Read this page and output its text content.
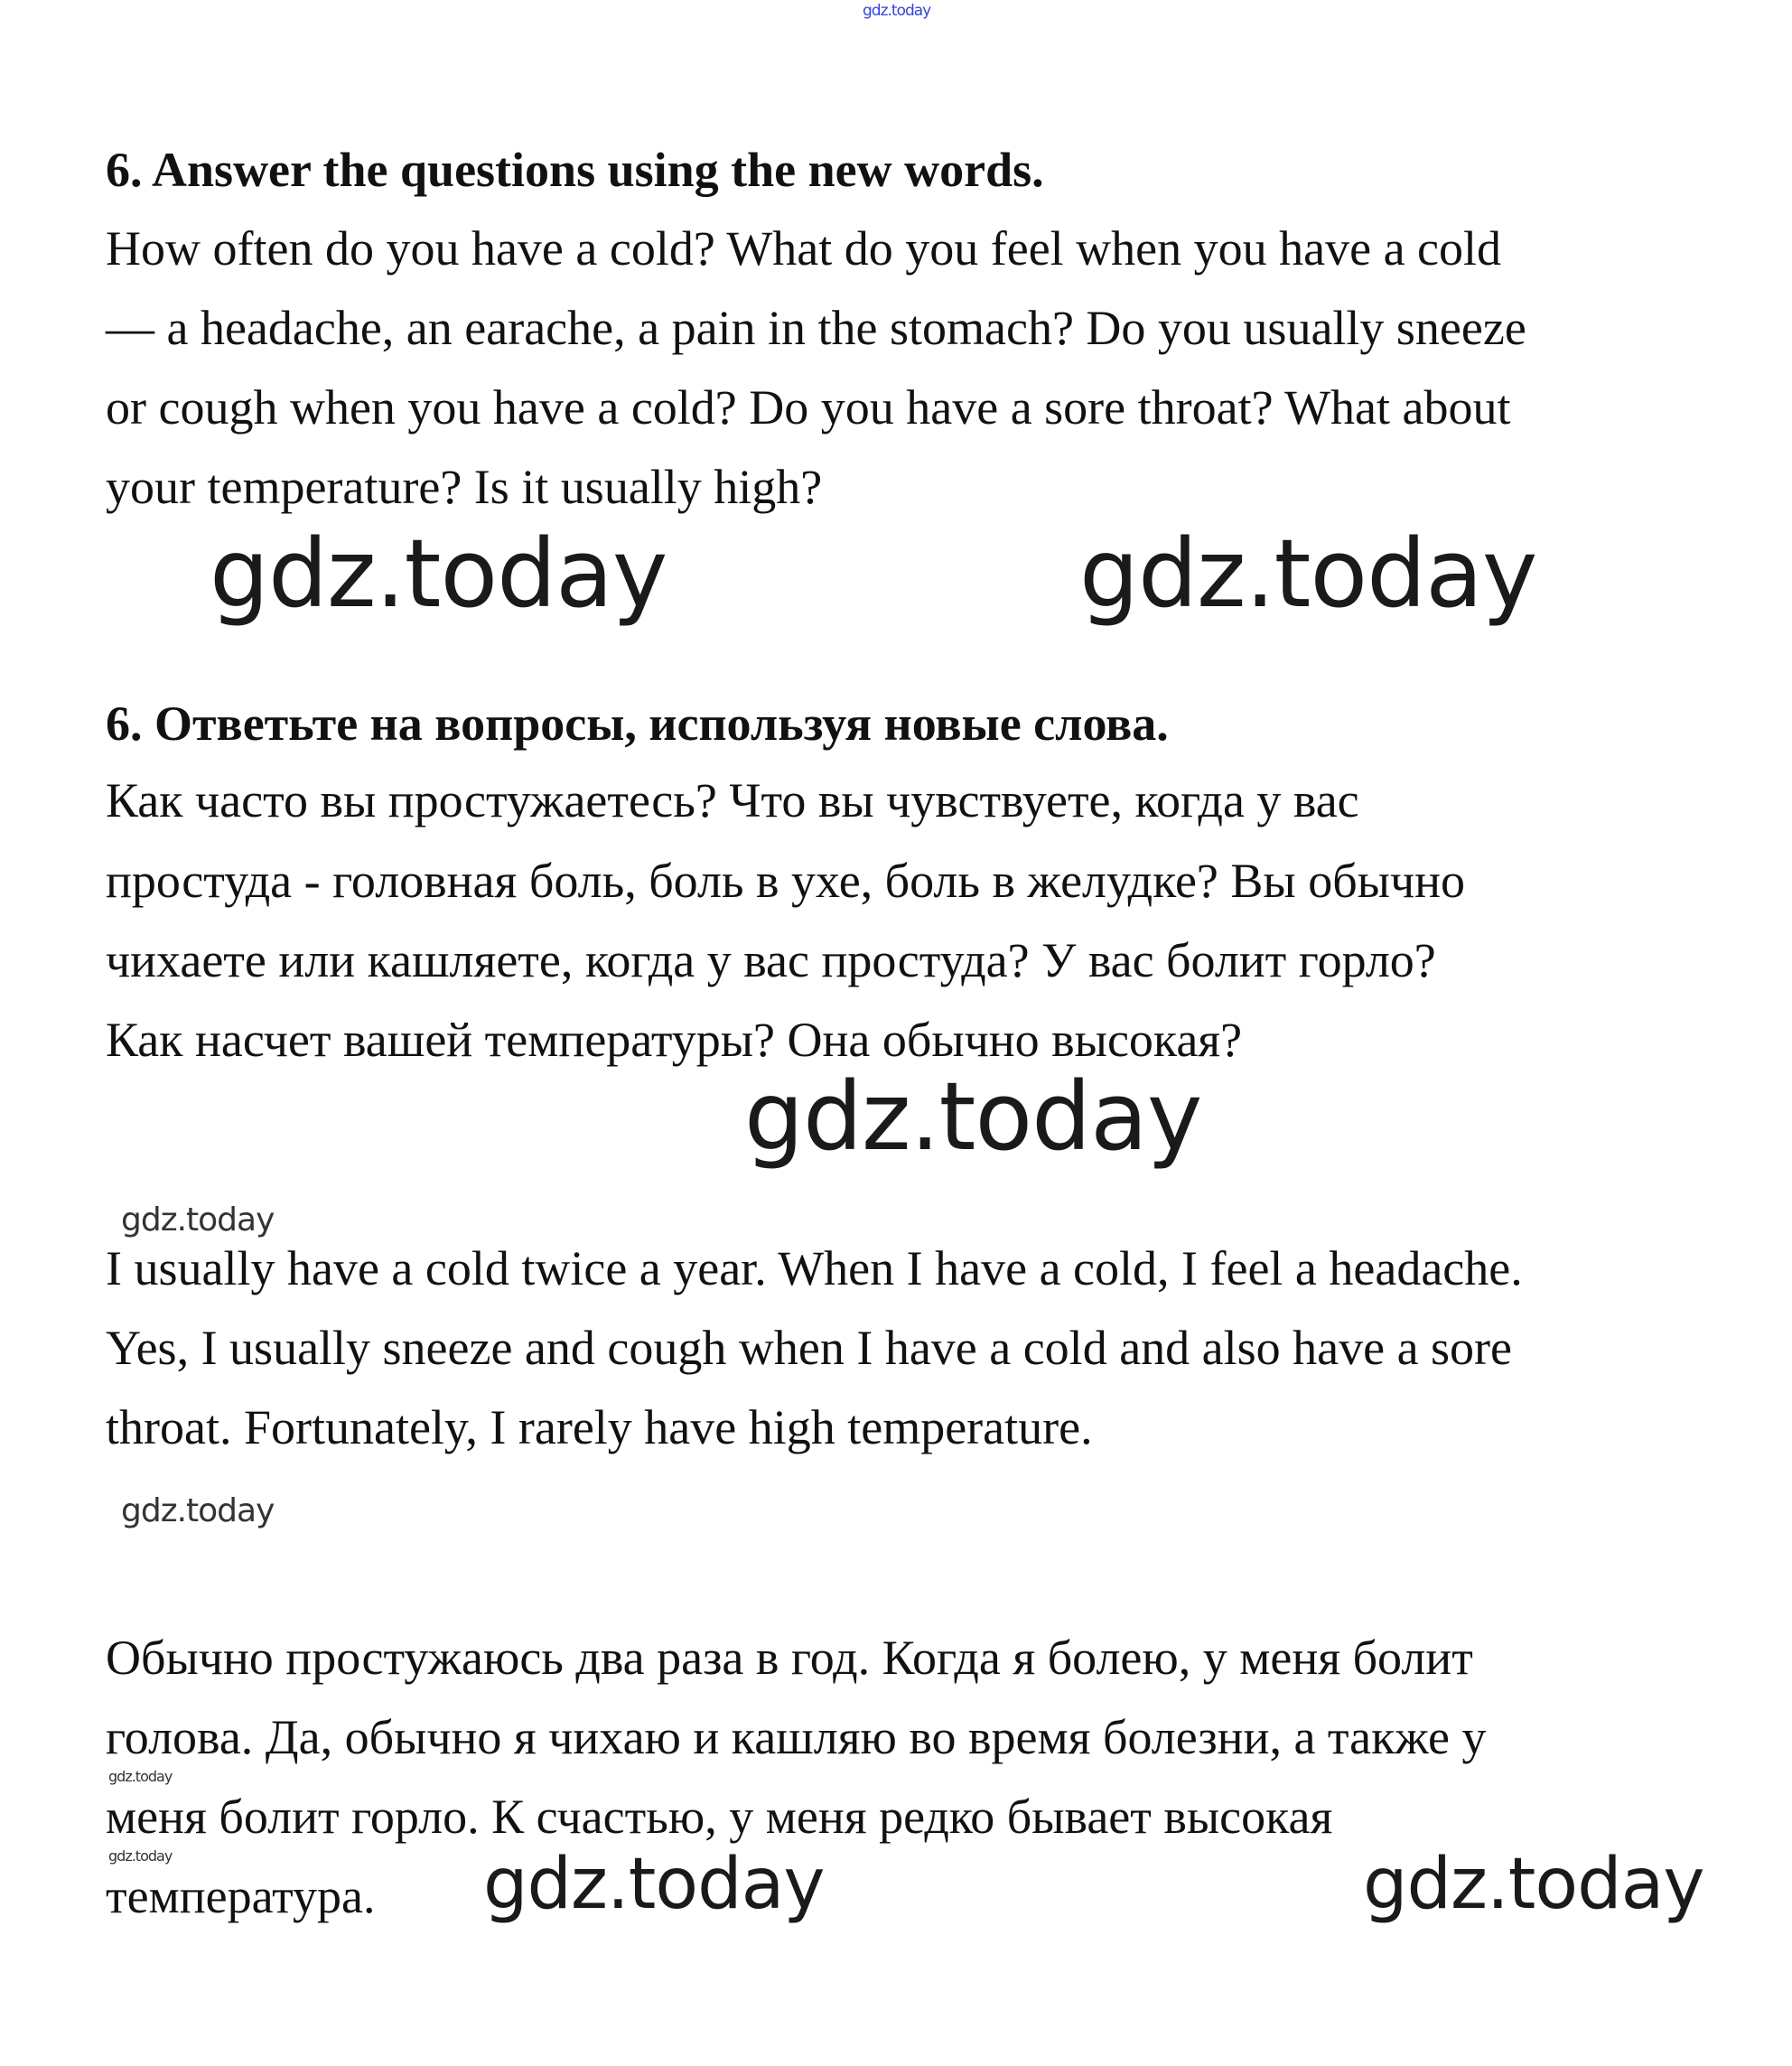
gdz.today
6. Answer the questions using the new words.
How often do you have a cold? What do you feel when you have a cold
— a headache, an earache, a pain in the stomach? Do you usually sneeze
or cough when you have a cold? Do you have a sore throat? What about
your temperature? Is it usually high?
gdz.today	gdz.today
6. Ответьте на вопросы, используя новые слова.
Как часто вы простужаетесь? Что вы чувствуете, когда у вас
простуда - головная боль, боль в ухе, боль в желудке? Вы обычно
чихаете или кашляете, когда у вас простуда? У вас болит горло?
Как насчет вашей температуры? Она обычно высокая?
gdz.today
gdz.today
I usually have a cold twice a year. When I have a cold, I feel a headache.
Yes, I usually sneeze and cough when I have a cold and also have a sore
throat. Fortunately, I rarely have high temperature.
gdz.today
Обычно простужаюсь два раза в год. Когда я болею, у меня болит
голова. Да, обычно я чихаю и кашляю во время болезни, а также у
меня болит горло. К счастью, у меня редко бывает высокая
температура.
gdz.today
gdz.today	gdz.today	gdz.today
